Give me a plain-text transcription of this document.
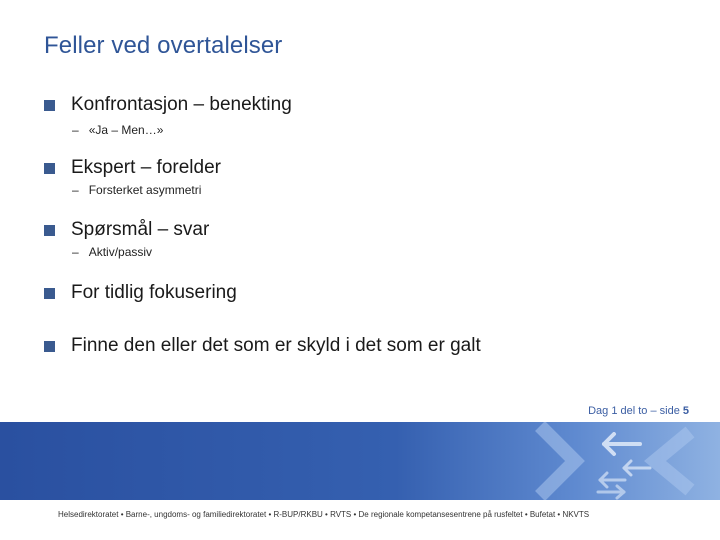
Feller ved overtalelser
Konfrontasjon – benekting
– «Ja – Men…»
Ekspert – forelder
– Forsterket asymmetri
Spørsmål – svar
– Aktiv/passiv
For tidlig fokusering
Finne den eller det som er skyld i det som er galt
Dag 1 del to – side 5
Helsedirektoratet • Barne-, ungdoms- og familiedirektoratet • R-BUP/RKBU • RVTS • De regionale kompetansesentrene på rusfeltet • Bufetat • NKVTS
